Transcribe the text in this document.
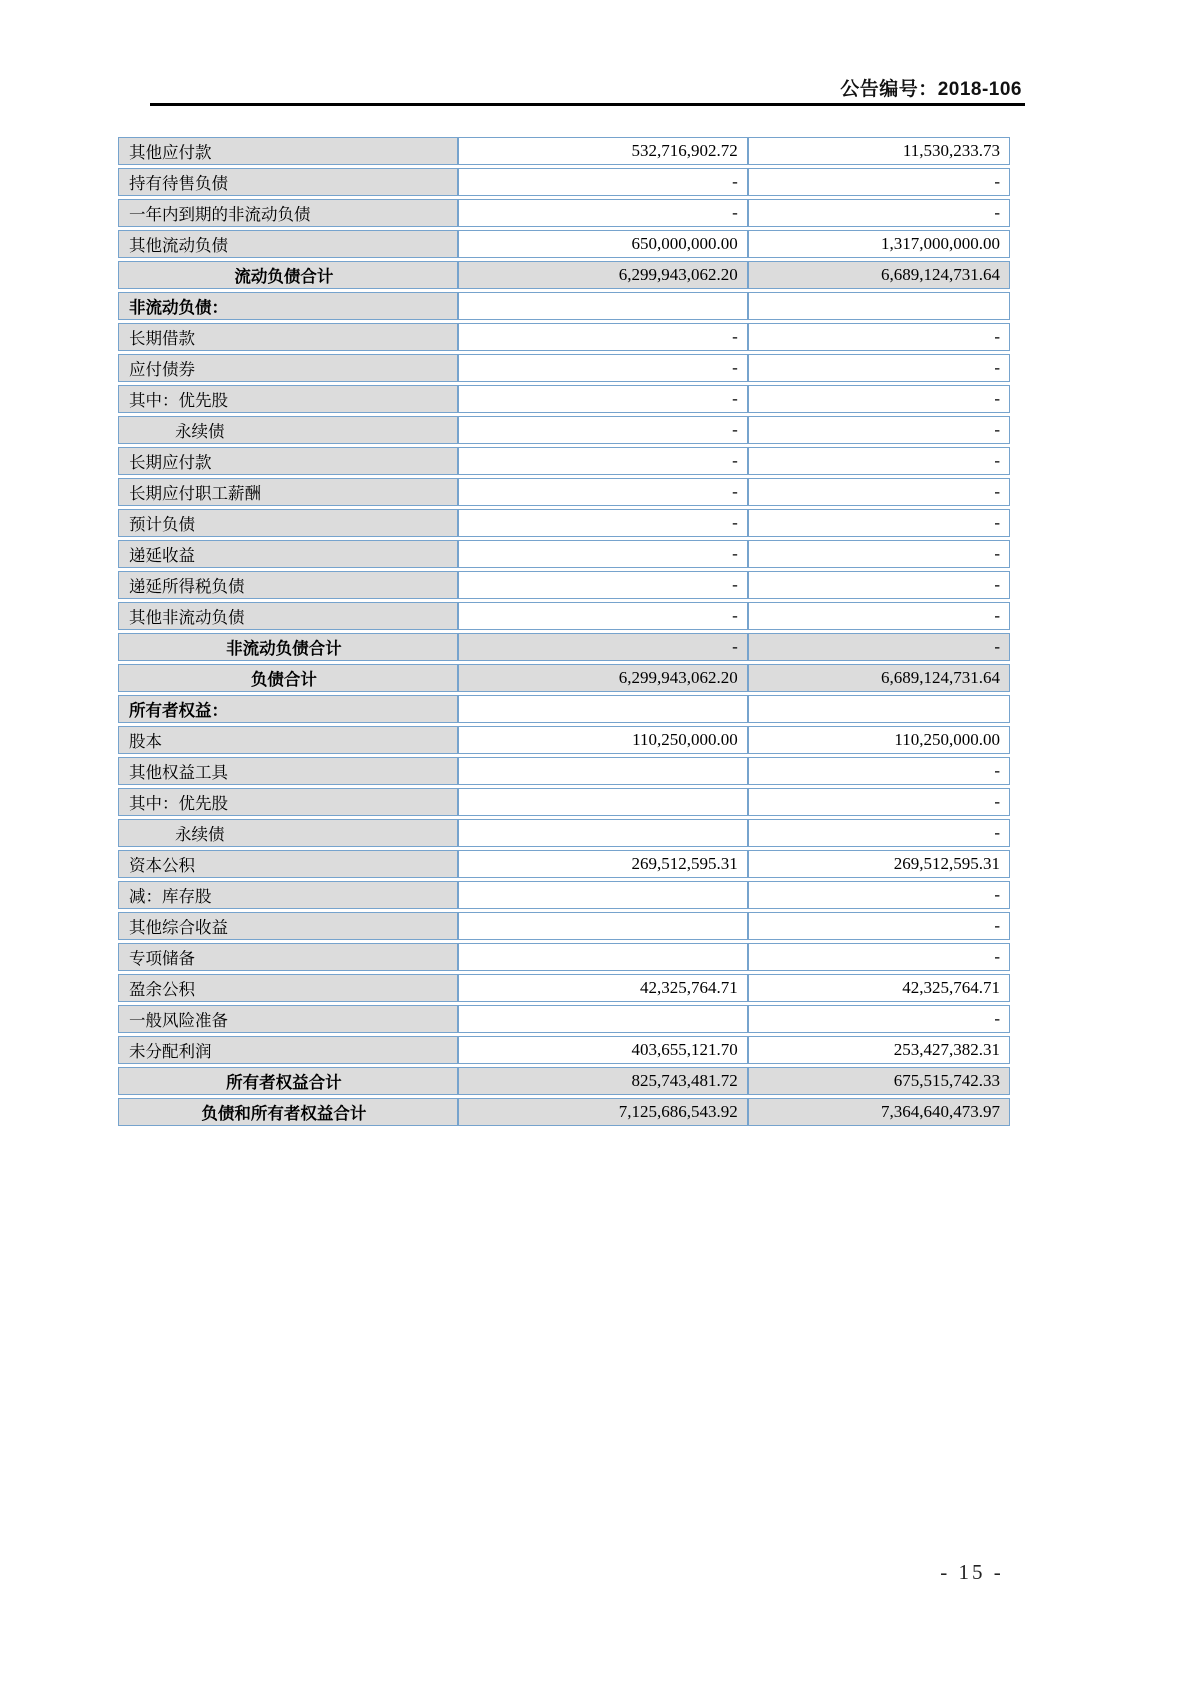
公告编号：2018-106
其他应付款	532,716,902.72	11,530,233.73
持有待售负债	-	-
一年内到期的非流动负债	-	-
其他流动负债	650,000,000.00	1,317,000,000.00
流动负债合计	6,299,943,062.20	6,689,124,731.64
非流动负债：		
长期借款	-	-
应付债券	-	-
其中：优先股	-	-
永续债	-	-
长期应付款	-	-
长期应付职工薪酬	-	-
预计负债	-	-
递延收益	-	-
递延所得税负债	-	-
其他非流动负债	-	-
非流动负债合计	-	-
负债合计	6,299,943,062.20	6,689,124,731.64
所有者权益：		
股本	110,250,000.00	110,250,000.00
其他权益工具		-
其中：优先股		-
永续债		-
资本公积	269,512,595.31	269,512,595.31
减：库存股		-
其他综合收益		-
专项储备		-
盈余公积	42,325,764.71	42,325,764.71
一般风险准备		-
未分配利润	403,655,121.70	253,427,382.31
所有者权益合计	825,743,481.72	675,515,742.33
负债和所有者权益合计	7,125,686,543.92	7,364,640,473.97
- 15 -
